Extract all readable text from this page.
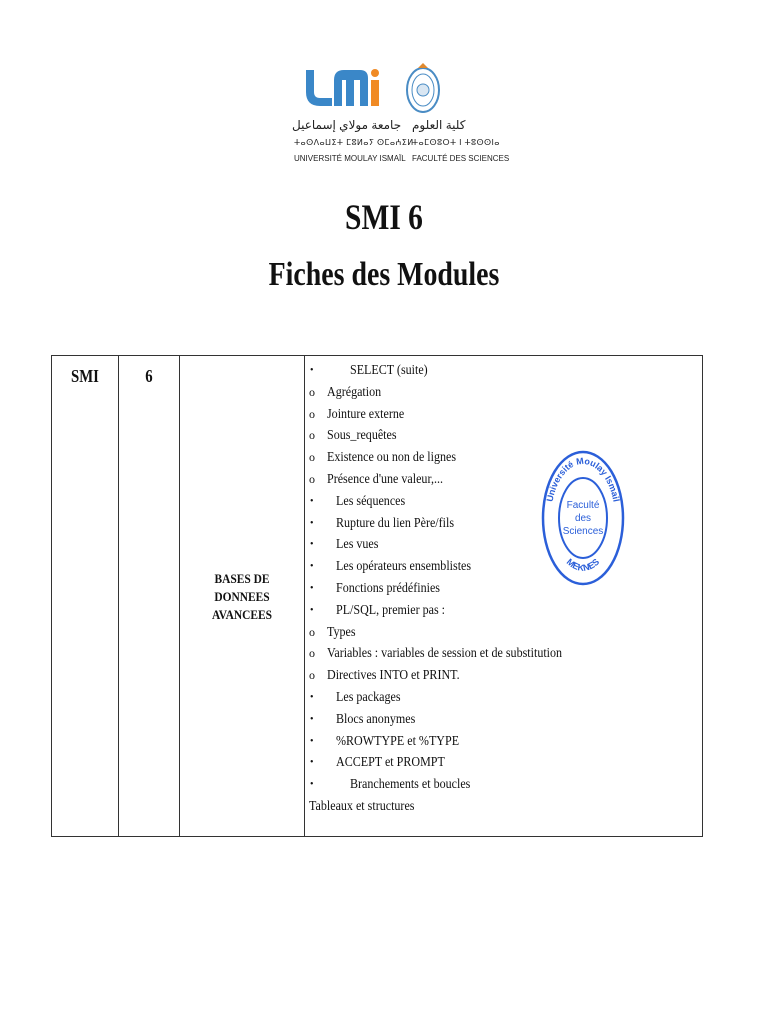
جامعة مولاي إسماعيل كلية العلوم
ⵜⴰⵙⴷⴰⵡⵉⵜ ⵎⵓⵍⴰⵢ ⵙⵎⴰⵄⵉⵍ
ⵜⴰⵎⵙⵓⵔⵜ ⵏ ⵜⵓⵙⵙⵏⴰ
UNIVERSITÉ MOULAY ISMAÏL FACULTÉ DES SCIENCES
SMI 6
Fiches des Modules
SMI	6

BASES DE DONNEES
AVANCEES

•	SELECT (suite)
o Agrégation
o Jointure externe
o Sous_requêtes
o Existence ou non de lignes
o Présence d'une valeur,...
•	Les séquences
•	Rupture du lien Père/fils
•	Les vues
•	Les opérateurs ensemblistes
•	Fonctions prédéfinies
•	PL/SQL, premier pas :
o Types
o Variables : variables de session et de substitution
o Directives INTO et PRINT.
•	Les packages
•	Blocs anonymes
•	%ROWTYPE et %TYPE
•	ACCEPT et PROMPT
•	Branchements et boucles
Tableaux et structures
Université Moulay Ismail
MEKNES
Faculté
des
Sciences
